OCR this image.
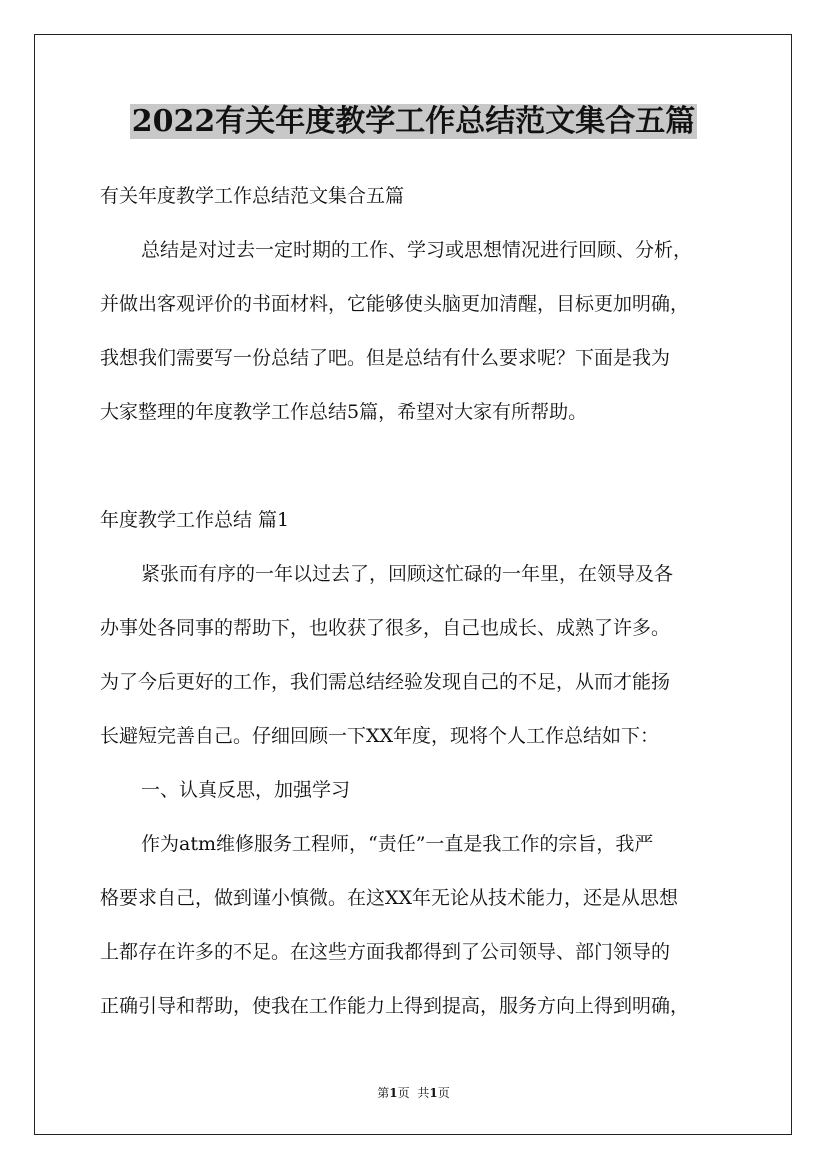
2022有关年度教学工作总结范文集合五篇
有关年度教学工作总结范文集合五篇
总结是对过去一定时期的工作、学习或思想情况进行回顾、分析，
并做出客观评价的书面材料，它能够使头脑更加清醒，目标更加明确，
我想我们需要写一份总结了吧。但是总结有什么要求呢？下面是我为
大家整理的年度教学工作总结5篇，希望对大家有所帮助。
年度教学工作总结 篇1
紧张而有序的一年以过去了，回顾这忙碌的一年里，在领导及各
办事处各同事的帮助下，也收获了很多，自己也成长、成熟了许多。
为了今后更好的工作，我们需总结经验发现自己的不足，从而才能扬
长避短完善自己。仔细回顾一下XX年度，现将个人工作总结如下：
一、认真反思，加强学习
作为atm维修服务工程师，“责任”一直是我工作的宗旨，我严
格要求自己，做到谨小慎微。在这XX年无论从技术能力，还是从思想
上都存在许多的不足。在这些方面我都得到了公司领导、部门领导的
正确引导和帮助，使我在工作能力上得到提高，服务方向上得到明确，
第1页 共1页
